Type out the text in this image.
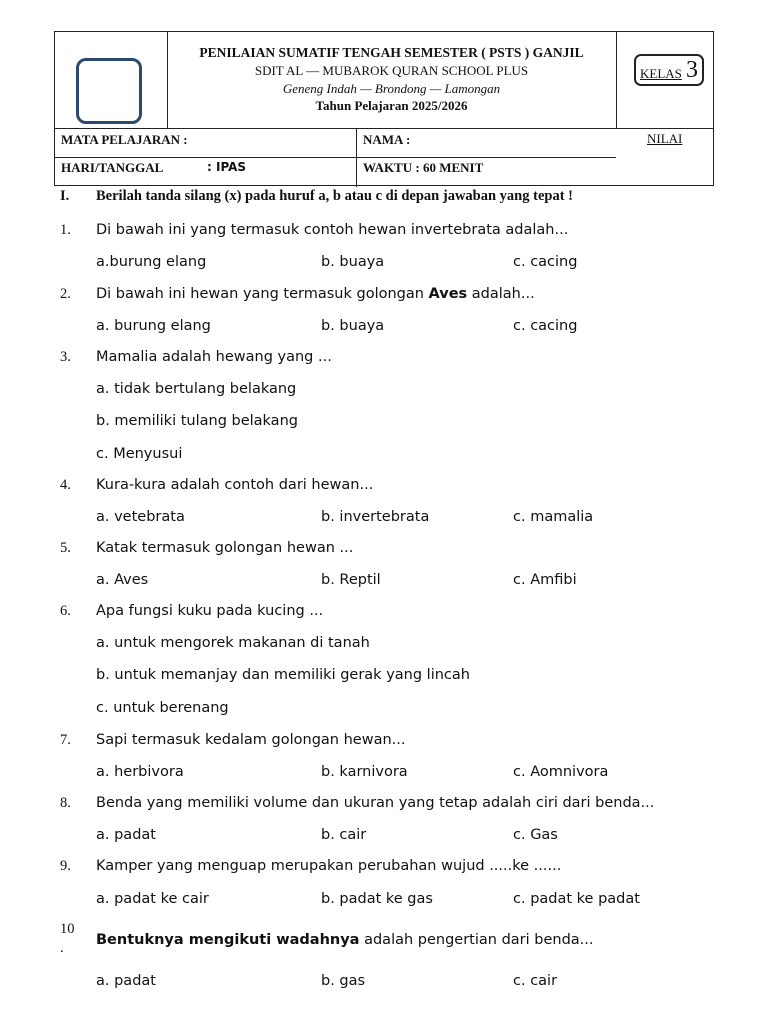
PENILAIAN SUMATIF TENGAH SEMESTER ( PSTS ) GANJIL
SDIT AL — MUBAROK QURAN SCHOOL PLUS
Geneng Indah — Brondong — Lamongan
Tahun Pelajaran 2025/2026
KELAS 3
MATA PELAJARAN :	NAMA :
HARI/TANGGAL	: IPAS	WAKTU : 60 MENIT
NILAI
I. Berilah tanda silang (x) pada huruf a, b atau c di depan jawaban yang tepat !
1. Di bawah ini yang termasuk contoh hewan invertebrata adalah...
a.burung elang	b. buaya	c. cacing
2. Di bawah ini hewan yang termasuk golongan Aves adalah...
a. burung elang	b. buaya	c. cacing
3. Mamalia adalah hewang yang ...
a. tidak bertulang belakang
b. memiliki tulang belakang
c. Menyusui
4. Kura-kura adalah contoh dari hewan...
a. vetebrata	b. invertebrata	c. mamalia
5. Katak termasuk golongan hewan ...
a. Aves	b. Reptil	c. Amfibi
6. Apa fungsi kuku pada kucing ...
a. untuk mengorek makanan di tanah
b. untuk memanjay dan memiliki gerak yang lincah
c. untuk berenang
7. Sapi termasuk kedalam golongan hewan...
a. herbivora	b. karnivora	c. Aomnivora
8. Benda yang memiliki volume dan ukuran yang tetap adalah ciri dari benda...
a. padat	b. cair	c. Gas
9. Kamper yang menguap merupakan perubahan wujud .....ke ......
a. padat ke cair	b. padat ke gas	c. padat ke padat
10
. Bentuknya mengikuti wadahnya adalah pengertian dari benda...
a. padat	b. gas	c. cair
